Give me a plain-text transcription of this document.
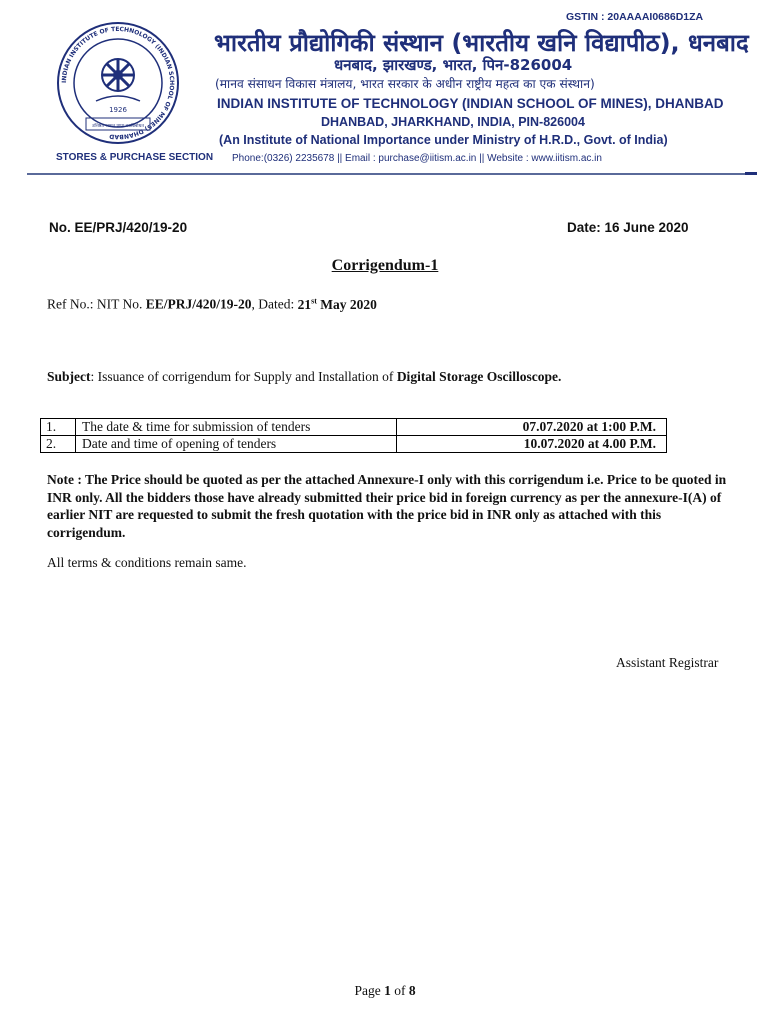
GSTIN : 20AAAAI0686D1ZA
INDIAN INSTITUTE OF TECHNOLOGY (INDIAN SCHOOL OF MINES) DHANBAD
1926
उत्तिष्ठत जाग्रत प्राप्य वरान्निबोधत
भारतीय प्रौद्योगिकी संस्थान (भारतीय खनि विद्यापीठ), धनबाद
धनबाद, झारखण्ड, भारत, पिन-826004
(मानव संसाधन विकास मंत्रालय, भारत सरकार के अधीन राष्ट्रीय महत्व का एक संस्थान)
INDIAN INSTITUTE OF TECHNOLOGY (INDIAN SCHOOL OF MINES), DHANBAD
DHANBAD, JHARKHAND, INDIA, PIN-826004
(An Institute of National Importance under Ministry of H.R.D., Govt. of India)
STORES & PURCHASE SECTION Phone:(0326) 2235678 || Email : purchase@iitism.ac.in || Website : www.iitism.ac.in
No. EE/PRJ/420/19-20	Date: 16 June 2020
Corrigendum-1
Ref No.: NIT No. EE/PRJ/420/19-20, Dated: 21st May 2020
Subject: Issuance of corrigendum for Supply and Installation of Digital Storage Oscilloscope.
1.	The date & time for submission of tenders	07.07.2020 at 1:00 P.M.
2.	Date and time of opening of tenders	10.07.2020 at 4.00 P.M.
Note : The Price should be quoted as per the attached Annexure-I only with this corrigendum i.e. Price to be quoted in INR only. All the bidders those have already submitted their price bid in foreign currency as per the annexure-I(A) of earlier NIT are requested to submit the fresh quotation with the price bid in INR only as attached with this corrigendum.
All terms & conditions remain same.
Assistant Registrar
Page 1 of 8
